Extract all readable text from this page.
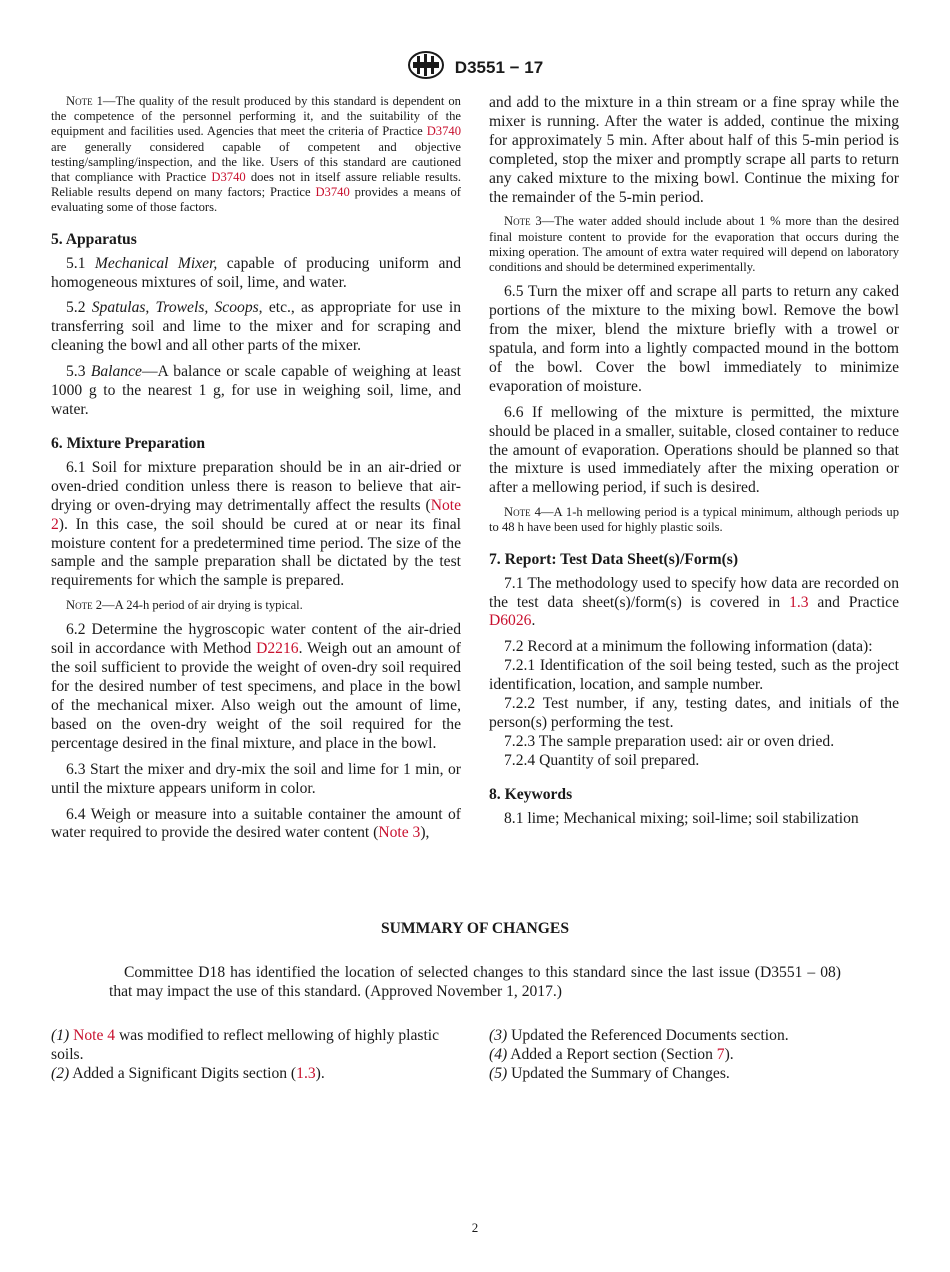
D3551 − 17

Note 1—The quality of the result produced by this standard is dependent on the competence of the personnel performing it, and the suitability of the equipment and facilities used. Agencies that meet the criteria of Practice D3740 are generally considered capable of competent and objective testing/sampling/inspection, and the like. Users of this standard are cautioned that compliance with Practice D3740 does not in itself assure reliable results. Reliable results depend on many factors; Practice D3740 provides a means of evaluating some of those factors.

5. Apparatus

5.1 Mechanical Mixer, capable of producing uniform and homogeneous mixtures of soil, lime, and water.

5.2 Spatulas, Trowels, Scoops, etc., as appropriate for use in transferring soil and lime to the mixer and for scraping and cleaning the bowl and all other parts of the mixer.

5.3 Balance—A balance or scale capable of weighing at least 1000 g to the nearest 1 g, for use in weighing soil, lime, and water.

6. Mixture Preparation

6.1 Soil for mixture preparation should be in an air-dried or oven-dried condition unless there is reason to believe that air-drying or oven-drying may detrimentally affect the results (Note 2). In this case, the soil should be cured at or near its final moisture content for a predetermined time period. The size of the sample and the sample preparation shall be dictated by the test requirements for which the sample is prepared.

Note 2—A 24-h period of air drying is typical.

6.2 Determine the hygroscopic water content of the air-dried soil in accordance with Method D2216. Weigh out an amount of the soil sufficient to provide the weight of oven-dry soil required for the desired number of test specimens, and place in the bowl of the mechanical mixer. Also weigh out the amount of lime, based on the oven-dry weight of the soil required for the percentage desired in the final mixture, and place in the bowl.

6.3 Start the mixer and dry-mix the soil and lime for 1 min, or until the mixture appears uniform in color.

6.4 Weigh or measure into a suitable container the amount of water required to provide the desired water content (Note 3),

and add to the mixture in a thin stream or a fine spray while the mixer is running. After the water is added, continue the mixing for approximately 5 min. After about half of this 5-min period is completed, stop the mixer and promptly scrape all parts to return any caked mixture to the mixing bowl. Continue the mixing for the remainder of the 5-min period.

Note 3—The water added should include about 1 % more than the desired final moisture content to provide for the evaporation that occurs during the mixing operation. The amount of extra water required will depend on laboratory conditions and should be determined experimentally.

6.5 Turn the mixer off and scrape all parts to return any caked portions of the mixture to the mixing bowl. Remove the bowl from the mixer, blend the mixture briefly with a trowel or spatula, and form into a lightly compacted mound in the bottom of the bowl. Cover the bowl immediately to minimize evaporation of moisture.

6.6 If mellowing of the mixture is permitted, the mixture should be placed in a smaller, suitable, closed container to reduce the amount of evaporation. Operations should be planned so that the mixture is used immediately after the mixing operation or after a mellowing period, if such is desired.

Note 4—A 1-h mellowing period is a typical minimum, although periods up to 48 h have been used for highly plastic soils.

7. Report: Test Data Sheet(s)/Form(s)

7.1 The methodology used to specify how data are recorded on the test data sheet(s)/form(s) is covered in 1.3 and Practice D6026.

7.2 Record at a minimum the following information (data):

7.2.1 Identification of the soil being tested, such as the project identification, location, and sample number.

7.2.2 Test number, if any, testing dates, and initials of the person(s) performing the test.

7.2.3 The sample preparation used: air or oven dried.

7.2.4 Quantity of soil prepared.

8. Keywords

8.1 lime; Mechanical mixing; soil-lime; soil stabilization

SUMMARY OF CHANGES

Committee D18 has identified the location of selected changes to this standard since the last issue (D3551 – 08) that may impact the use of this standard. (Approved November 1, 2017.)

(1) Note 4 was modified to reflect mellowing of highly plastic soils.

(2) Added a Significant Digits section (1.3).

(3) Updated the Referenced Documents section.

(4) Added a Report section (Section 7).

(5) Updated the Summary of Changes.

2
